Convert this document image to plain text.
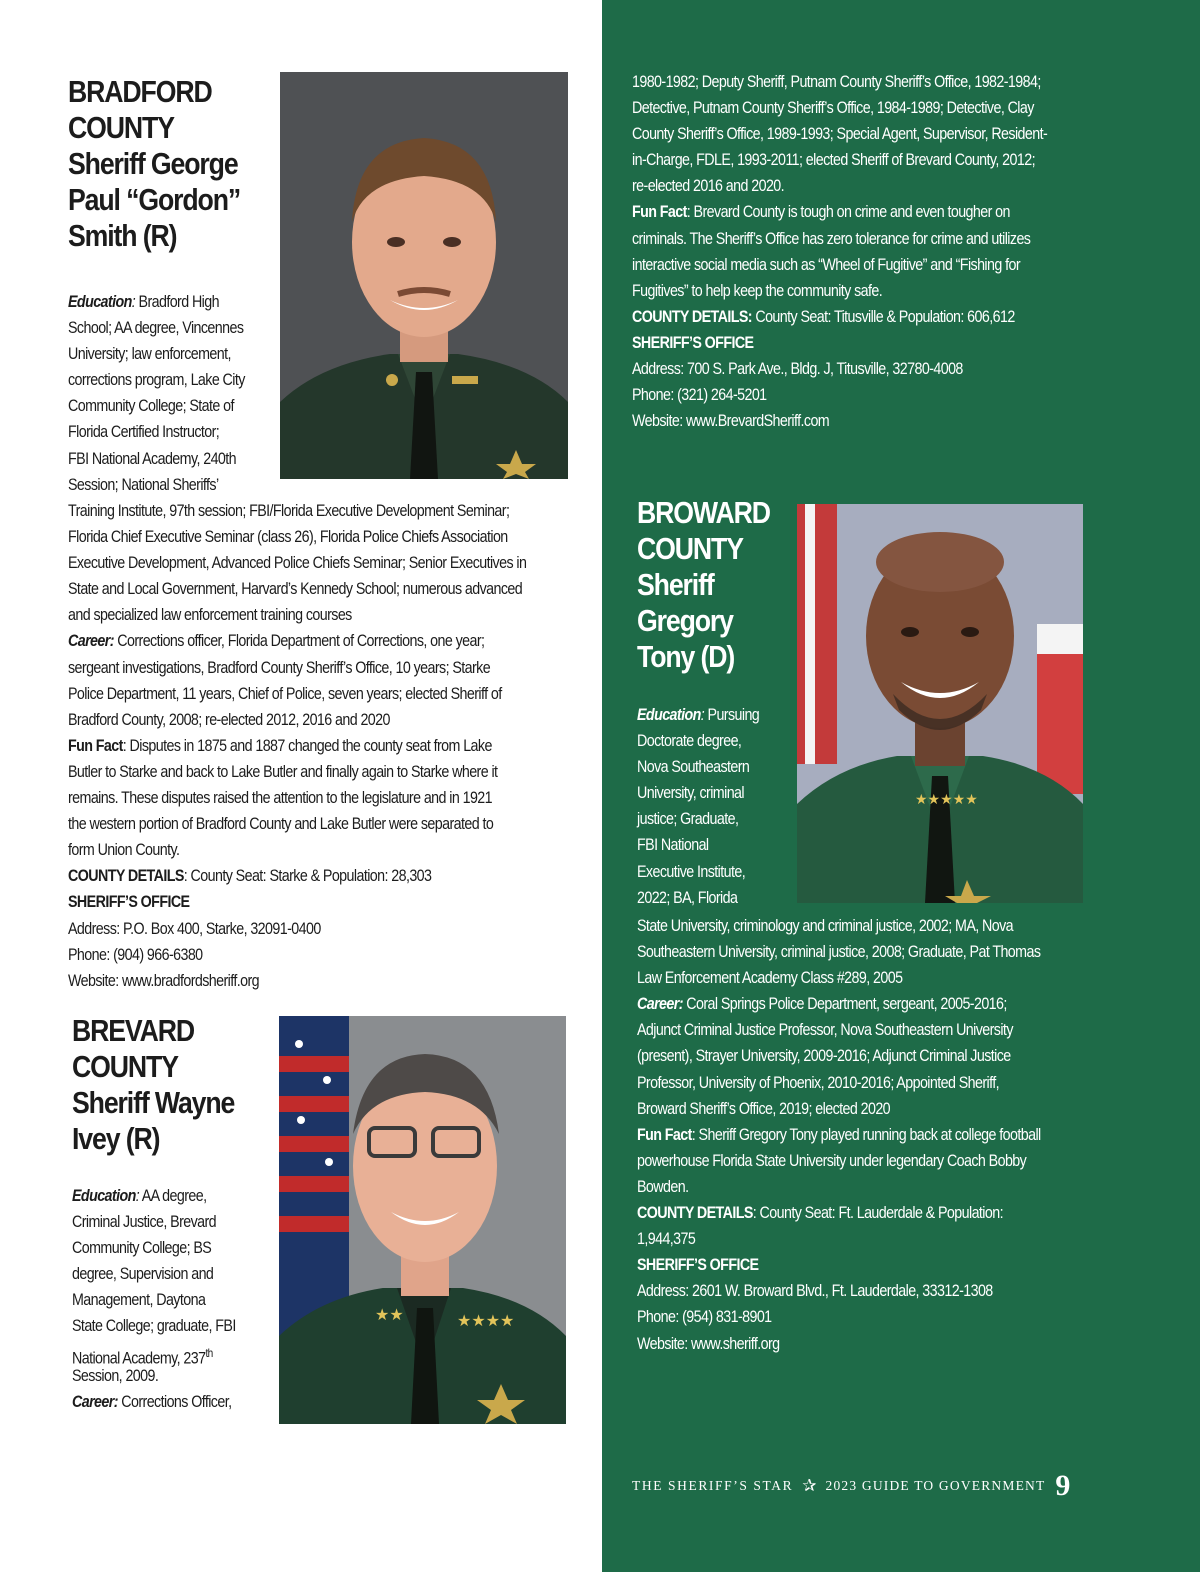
BRADFORD
COUNTY
Sheriff George
Paul “Gordon”
Smith (R)

Education: Bradford High

School; AA degree, Vincennes

University; law enforcement,

corrections program, Lake City

Community College; State of

Florida Certified Instructor;

FBI National Academy, 240th

Session; National Sheriffs’

Training Institute, 97th session; FBI/Florida Executive Development Seminar;

Florida Chief Executive Seminar (class 26), Florida Police Chiefs Association

Executive Development, Advanced Police Chiefs Seminar; Senior Executives in

State and Local Government, Harvard’s Kennedy School; numerous advanced

and specialized law enforcement training courses

Career: Corrections officer, Florida Department of Corrections, one year;

sergeant investigations, Bradford County Sheriff’s Office, 10 years; Starke

Police Department, 11 years, Chief of Police, seven years; elected Sheriff of

Bradford County, 2008; re-elected 2012, 2016 and 2020

Fun Fact: Disputes in 1875 and 1887 changed the county seat from Lake

Butler to Starke and back to Lake Butler and finally again to Starke where it

remains. These disputes raised the attention to the legislature and in 1921

the western portion of Bradford County and Lake Butler were separated to

form Union County.

COUNTY DETAILS: County Seat: Starke & Population: 28,303

SHERIFF’S OFFICE

Address: P.O. Box 400, Starke, 32091-0400

Phone: (904) 966-6380

Website: www.bradfordsheriff.org

BREVARD
COUNTY
Sheriff Wayne
Ivey (R)
★★	★★★★

Education: AA degree,

Criminal Justice, Brevard

Community College; BS

degree, Supervision and

Management, Daytona

State College; graduate, FBI

National Academy, 237th

Session, 2009.

Career: Corrections Officer,

1980-1982; Deputy Sheriff, Putnam County Sheriff’s Office, 1982-1984;

Detective, Putnam County Sheriff’s Office, 1984-1989; Detective, Clay

County Sheriff’s Office, 1989-1993; Special Agent, Supervisor, Resident-

in-Charge, FDLE, 1993-2011; elected Sheriff of Brevard County, 2012;

re-elected 2016 and 2020.

Fun Fact: Brevard County is tough on crime and even tougher on

criminals. The Sheriff’s Office has zero tolerance for crime and utilizes

interactive social media such as “Wheel of Fugitive” and “Fishing for

Fugitives” to help keep the community safe.

COUNTY DETAILS: County Seat: Titusville & Population: 606,612

SHERIFF’S OFFICE

Address: 700 S. Park Ave., Bldg. J, Titusville, 32780-4008

Phone: (321) 264-5201

Website: www.BrevardSheriff.com

BROWARD
COUNTY
Sheriff
Gregory
Tony (D)
★★★★★

Education: Pursuing

Doctorate degree,

Nova Southeastern

University, criminal

justice; Graduate,

FBI National

Executive Institute,

2022; BA, Florida

State University, criminology and criminal justice, 2002; MA, Nova

Southeastern University, criminal justice, 2008; Graduate, Pat Thomas

Law Enforcement Academy Class #289, 2005

Career: Coral Springs Police Department, sergeant, 2005-2016;

Adjunct Criminal Justice Professor, Nova Southeastern University

(present), Strayer University, 2009-2016; Adjunct Criminal Justice

Professor, University of Phoenix, 2010-2016; Appointed Sheriff,

Broward Sheriff’s Office, 2019; elected 2020

Fun Fact: Sheriff Gregory Tony played running back at college football

powerhouse Florida State University under legendary Coach Bobby

Bowden.

COUNTY DETAILS: County Seat: Ft. Lauderdale & Population:

1,944,375

SHERIFF’S OFFICE

Address: 2601 W. Broward Blvd., Ft. Lauderdale, 33312-1308

Phone: (954) 831-8901

Website: www.sheriff.org

THE SHERIFF’S STAR ✰ 2023 GUIDE TO GOVERNMENT 9
